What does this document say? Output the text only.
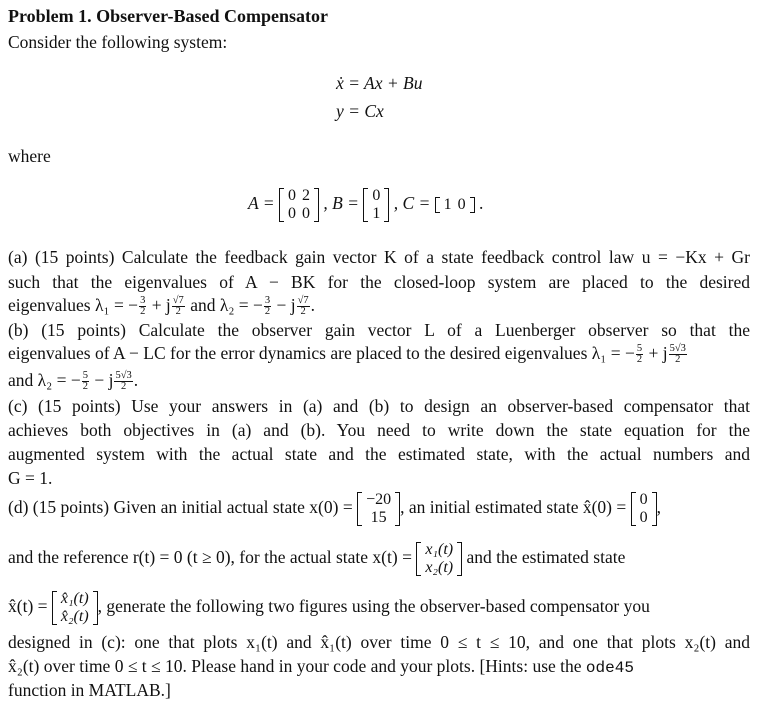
Problem 1. Observer-Based Compensator
Consider the following system:
ẋ = Ax + Bu
y = Cx
where
A = 0	2
0	0
, B = 0
1
, C = 1	0 .
(a) (15 points) Calculate the feedback gain vector K of a state feedback control law u = −Kx + Gr
such that the eigenvalues of A − BK for the closed-loop system are placed to the desired
eigenvalues λ₁ = − $\frac{3}{2} + j \frac{√7}{2}$ and λ₂ = − $\frac{3}{2} - j \frac{√7}{2}$ .
(b) (15 points) Calculate the observer gain vector L of a Luenberger observer so that the
eigenvalues of A − LC for the error dynamics are placed to the desired eigenvalues λ₁ = − $\frac{5}{2} + j \frac{5√3}{2}$
and λ₂ = − $\frac{5}{2} - j \frac{5√3}{2}$ .
(c) (15 points) Use your answers in (a) and (b) to design an observer-based compensator that
achieves both objectives in (a) and (b). You need to write down the state equation for the
augmented system with the actual state and the estimated state, with the actual numbers and
G = 1.
(d) (15 points) Given an initial actual state x(0) = −20
15
, an initial estimated state x̂(0) = 0
0
,
and the reference r(t) = 0 (t ≥ 0), for the actual state x(t) = x₁(t)
x₂(t)
and the estimated state
x̂(t) = x̂₁(t)
x̂₂(t)
, generate the following two figures using the observer-based compensator you
designed in (c): one that plots x₁(t) and x̂₁(t) over time 0 ≤ t ≤ 10, and one that plots x₂(t) and
x̂₂(t) over time 0 ≤ t ≤ 10. Please hand in your code and your plots. [Hints: use the ode45
function in MATLAB.]
